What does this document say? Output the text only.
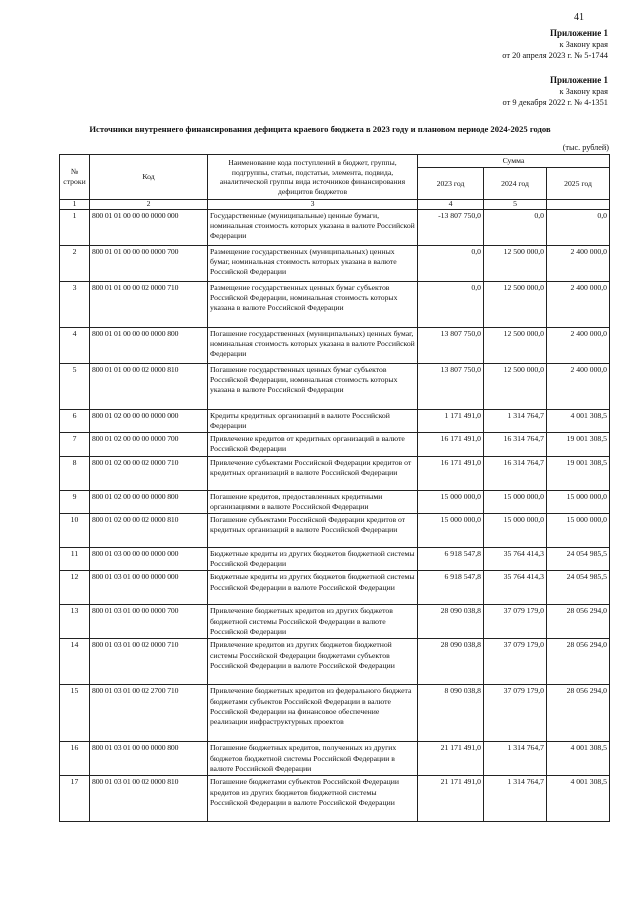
41
Приложение 1
к Закону края
от 20 апреля 2023 г. № 5-1744
Приложение 1
к Закону края
от 9 декабря 2022 г. № 4-1351
Источники внутреннего финансирования дефицита краевого бюджета в 2023 году и плановом периоде 2024-2025 годов
(тыс. рублей)
№ строки	Код	Наименование кода поступлений в бюджет, группы, подгруппы, статьи, подстатьи, элемента, подвида, аналитической группы вида источников финансирования дефицитов бюджетов	Сумма		
			2023 год	2024 год	2025 год
1	2	3	4	5	
1	800 01 01 00 00 00 0000 000	Государственные (муниципальные) ценные бумаги, номинальная стоимость которых указана в валюте Российской Федерации	-13 807 750,0	0,0	0,0
2	800 01 01 00 00 00 0000 700	Размещение государственных (муниципальных) ценных бумаг, номинальная стоимость которых указана в валюте Российской Федерации	0,0	12 500 000,0	2 400 000,0
3	800 01 01 00 00 02 0000 710	Размещение государственных ценных бумаг субъектов Российской Федерации, номинальная стоимость которых указана в валюте Российской Федерации	0,0	12 500 000,0	2 400 000,0
4	800 01 01 00 00 00 0000 800	Погашение государственных (муниципальных) ценных бумаг, номинальная стоимость которых указана в валюте Российской Федерации	13 807 750,0	12 500 000,0	2 400 000,0
5	800 01 01 00 00 02 0000 810	Погашение государственных ценных бумаг субъектов Российской Федерации, номинальная стоимость которых указана в валюте Российской Федерации	13 807 750,0	12 500 000,0	2 400 000,0
6	800 01 02 00 00 00 0000 000	Кредиты кредитных организаций в валюте Российской Федерации	1 171 491,0	1 314 764,7	4 001 308,5
7	800 01 02 00 00 00 0000 700	Привлечение кредитов от кредитных организаций в валюте Российской Федерации	16 171 491,0	16 314 764,7	19 001 308,5
8	800 01 02 00 00 02 0000 710	Привлечение субъектами Российской Федерации кредитов от кредитных организаций в валюте Российской Федерации	16 171 491,0	16 314 764,7	19 001 308,5
9	800 01 02 00 00 00 0000 800	Погашение кредитов, предоставленных кредитными организациями в валюте Российской Федерации	15 000 000,0	15 000 000,0	15 000 000,0
10	800 01 02 00 00 02 0000 810	Погашение субъектами Российской Федерации кредитов от кредитных организаций в валюте Российской Федерации	15 000 000,0	15 000 000,0	15 000 000,0
11	800 01 03 00 00 00 0000 000	Бюджетные кредиты из других бюджетов бюджетной системы Российской Федерации	6 918 547,8	35 764 414,3	24 054 985,5
12	800 01 03 01 00 00 0000 000	Бюджетные кредиты из других бюджетов бюджетной системы Российской Федерации в валюте Российской Федерации	6 918 547,8	35 764 414,3	24 054 985,5
13	800 01 03 01 00 00 0000 700	Привлечение бюджетных кредитов из других бюджетов бюджетной системы Российской Федерации в валюте Российской Федерации	28 090 038,8	37 079 179,0	28 056 294,0
14	800 01 03 01 00 02 0000 710	Привлечение кредитов из других бюджетов бюджетной системы Российской Федерации бюджетами субъектов Российской Федерации в валюте Российской Федерации	28 090 038,8	37 079 179,0	28 056 294,0
15	800 01 03 01 00 02 2700 710	Привлечение бюджетных кредитов из федерального бюджета бюджетами субъектов Российской Федерации в валюте Российской Федерации на финансовое обеспечение реализации инфраструктурных проектов	8 090 038,8	37 079 179,0	28 056 294,0
16	800 01 03 01 00 00 0000 800	Погашение бюджетных кредитов, полученных из других бюджетов бюджетной системы Российской Федерации в валюте Российской Федерации	21 171 491,0	1 314 764,7	4 001 308,5
17	800 01 03 01 00 02 0000 810	Погашение бюджетами субъектов Российской Федерации кредитов из других бюджетов бюджетной системы Российской Федерации в валюте Российской Федерации	21 171 491,0	1 314 764,7	4 001 308,5
